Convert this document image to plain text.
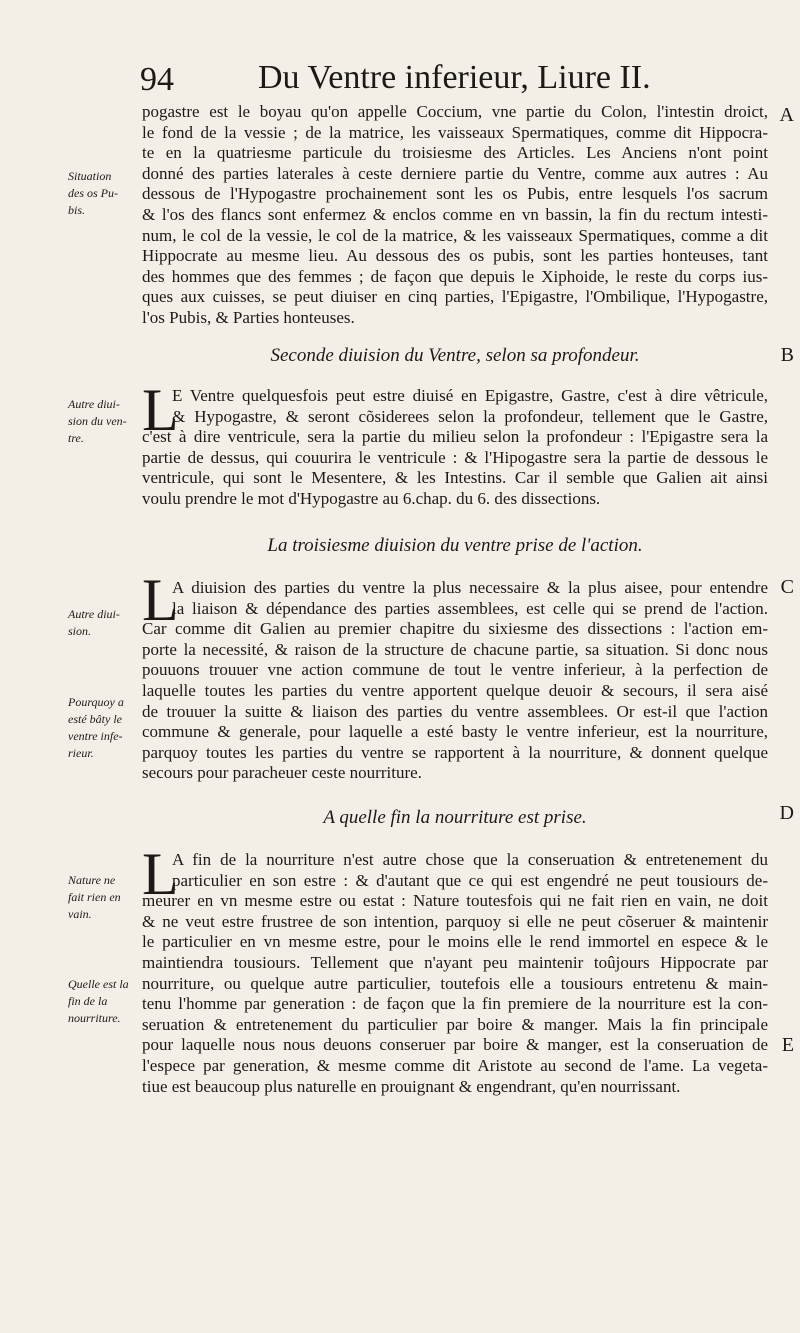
94 Du Ventre inferieur, Liure II.
A
B
C
D
E
pogastre est le boyau qu'on appelle Coccium, vne partie du Colon, l'intestin droict,
le fond de la vessie ; de la matrice, les vaisseaux Spermatiques, comme dit Hippocra-
te en la quatriesme particule du troisiesme des Articles. Les Anciens n'ont point
donné des parties laterales à ceste derniere partie du Ventre, comme aux autres : Au
dessous de l'Hypogastre prochainement sont les os Pubis, entre lesquels l'os sacrum
& l'os des flancs sont enfermez & enclos comme en vn bassin, la fin du rectum intesti-
num, le col de la vessie, le col de la matrice, & les vaisseaux Spermatiques, comme a dit
Hippocrate au mesme lieu. Au dessous des os pubis, sont les parties honteuses, tant
des hommes que des femmes ; de façon que depuis le Xiphoide, le reste du corps ius-
ques aux cuisses, se peut diuiser en cinq parties, l'Epigastre, l'Ombilique, l'Hypogastre,
l'os Pubis, & Parties honteuses.
Seconde diuision du Ventre, selon sa profondeur.
L
E Ventre quelquesfois peut estre diuisé en Epigastre, Gastre, c'est à dire vêtricule,
& Hypogastre, & seront cõsiderees selon la profondeur, tellement que le Gastre,
c'est à dire ventricule, sera la partie du milieu selon la profondeur : l'Epigastre sera la
partie de dessus, qui couurira le ventricule : & l'Hipogastre sera la partie de dessous le
ventricule, qui sont le Mesentere, & les Intestins. Car il semble que Galien ait ainsi
voulu prendre le mot d'Hypogastre au 6.chap. du 6. des dissections.
La troisiesme diuision du ventre prise de l'action.
L
A diuision des parties du ventre la plus necessaire & la plus aisee, pour entendre
la liaison & dépendance des parties assemblees, est celle qui se prend de l'action.
Car comme dit Galien au premier chapitre du sixiesme des dissections : l'action em-
porte la necessité, & raison de la structure de chacune partie, sa situation. Si donc nous
pouuons trouuer vne action commune de tout le ventre inferieur, à la perfection de
laquelle toutes les parties du ventre apportent quelque deuoir & secours, il sera aisé
de trouuer la suitte & liaison des parties du ventre assemblees. Or est-il que l'action
commune & generale, pour laquelle a esté basty le ventre inferieur, est la nourriture,
parquoy toutes les parties du ventre se rapportent à la nourriture, & donnent quelque
secours pour paracheuer ceste nourriture.
A quelle fin la nourriture est prise.
L
A fin de la nourriture n'est autre chose que la conseruation & entretenement du
particulier en son estre : & d'autant que ce qui est engendré ne peut tousiours de-
meurer en vn mesme estre ou estat : Nature toutesfois qui ne fait rien en vain, ne doit
& ne veut estre frustree de son intention, parquoy si elle ne peut cõseruer & maintenir
le particulier en vn mesme estre, pour le moins elle le rend immortel en espece & le
maintiendra tousiours. Tellement que n'ayant peu maintenir toûjours Hippocrate par
nourriture, ou quelque autre particulier, toutefois elle a tousiours entretenu & main-
tenu l'homme par generation : de façon que la fin premiere de la nourriture est la con-
seruation & entretenement du particulier par boire & manger. Mais la fin principale
pour laquelle nous nous deuons conseruer par boire & manger, est la conseruation de
l'espece par generation, & mesme comme dit Aristote au second de l'ame. La vegeta-
tiue est beaucoup plus naturelle en prouignant & engendrant, qu'en nourrissant.
Situation
des os Pu-
bis.
Autre diui-
sion du ven-
tre.
Autre diui-
sion.
Pourquoy a
esté bâty le
ventre infe-
rieur.
Nature ne
fait rien en
vain.
Quelle est la
fin de la
nourriture.
